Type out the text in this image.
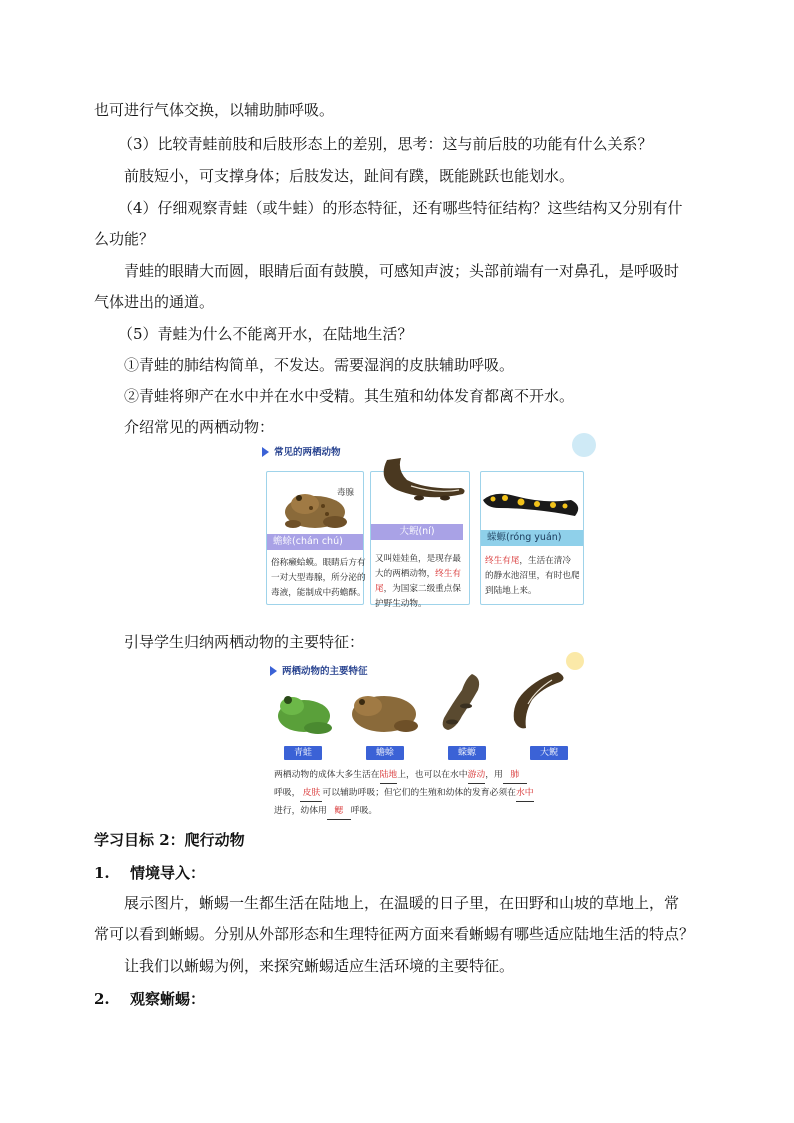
也可进行气体交换，以辅助肺呼吸。
（3）比较青蛙前肢和后肢形态上的差别，思考：这与前后肢的功能有什么关系？
前肢短小，可支撑身体；后肢发达，趾间有蹼，既能跳跃也能划水。
（4）仔细观察青蛙（或牛蛙）的形态特征，还有哪些特征结构？这些结构又分别有什
么功能？
青蛙的眼睛大而圆，眼睛后面有鼓膜，可感知声波；头部前端有一对鼻孔，是呼吸时
气体进出的通道。
（5）青蛙为什么不能离开水，在陆地生活？
①青蛙的肺结构简单，不发达。需要湿润的皮肤辅助呼吸。
②青蛙将卵产在水中并在水中受精。其生殖和幼体发育都离不开水。
介绍常见的两栖动物：
常见的两栖动物
毒腺
蟾蜍(chán chú)
俗称癞蛤蟆。眼睛后方有
一对大型毒腺，所分泌的
毒液，能制成中药蟾酥。
大鲵(ní)
又叫娃娃鱼，是现存最
大的两栖动物，终生有
尾，为国家二级重点保
护野生动物。
蝾螈(róng yuán)
终生有尾，生活在清冷
的静水池沼里，有时也爬
到陆地上来。
引导学生归纳两栖动物的主要特征：
两栖动物的主要特征
青蛙	蟾蜍	蝾螈	大鲵
两栖动物的成体大多生活在陆地上，也可以在水中游动，用 肺
呼吸， 皮肤 可以辅助呼吸；但它们的生殖和幼体的发育必须在水中
进行，幼体用 鳃 呼吸。
学习目标 2：爬行动物
1. 情境导入：
展示图片，蜥蜴一生都生活在陆地上，在温暖的日子里，在田野和山坡的草地上，常
常可以看到蜥蜴。分别从外部形态和生理特征两方面来看蜥蜴有哪些适应陆地生活的特点？
让我们以蜥蜴为例，来探究蜥蜴适应生活环境的主要特征。
2. 观察蜥蜴：
